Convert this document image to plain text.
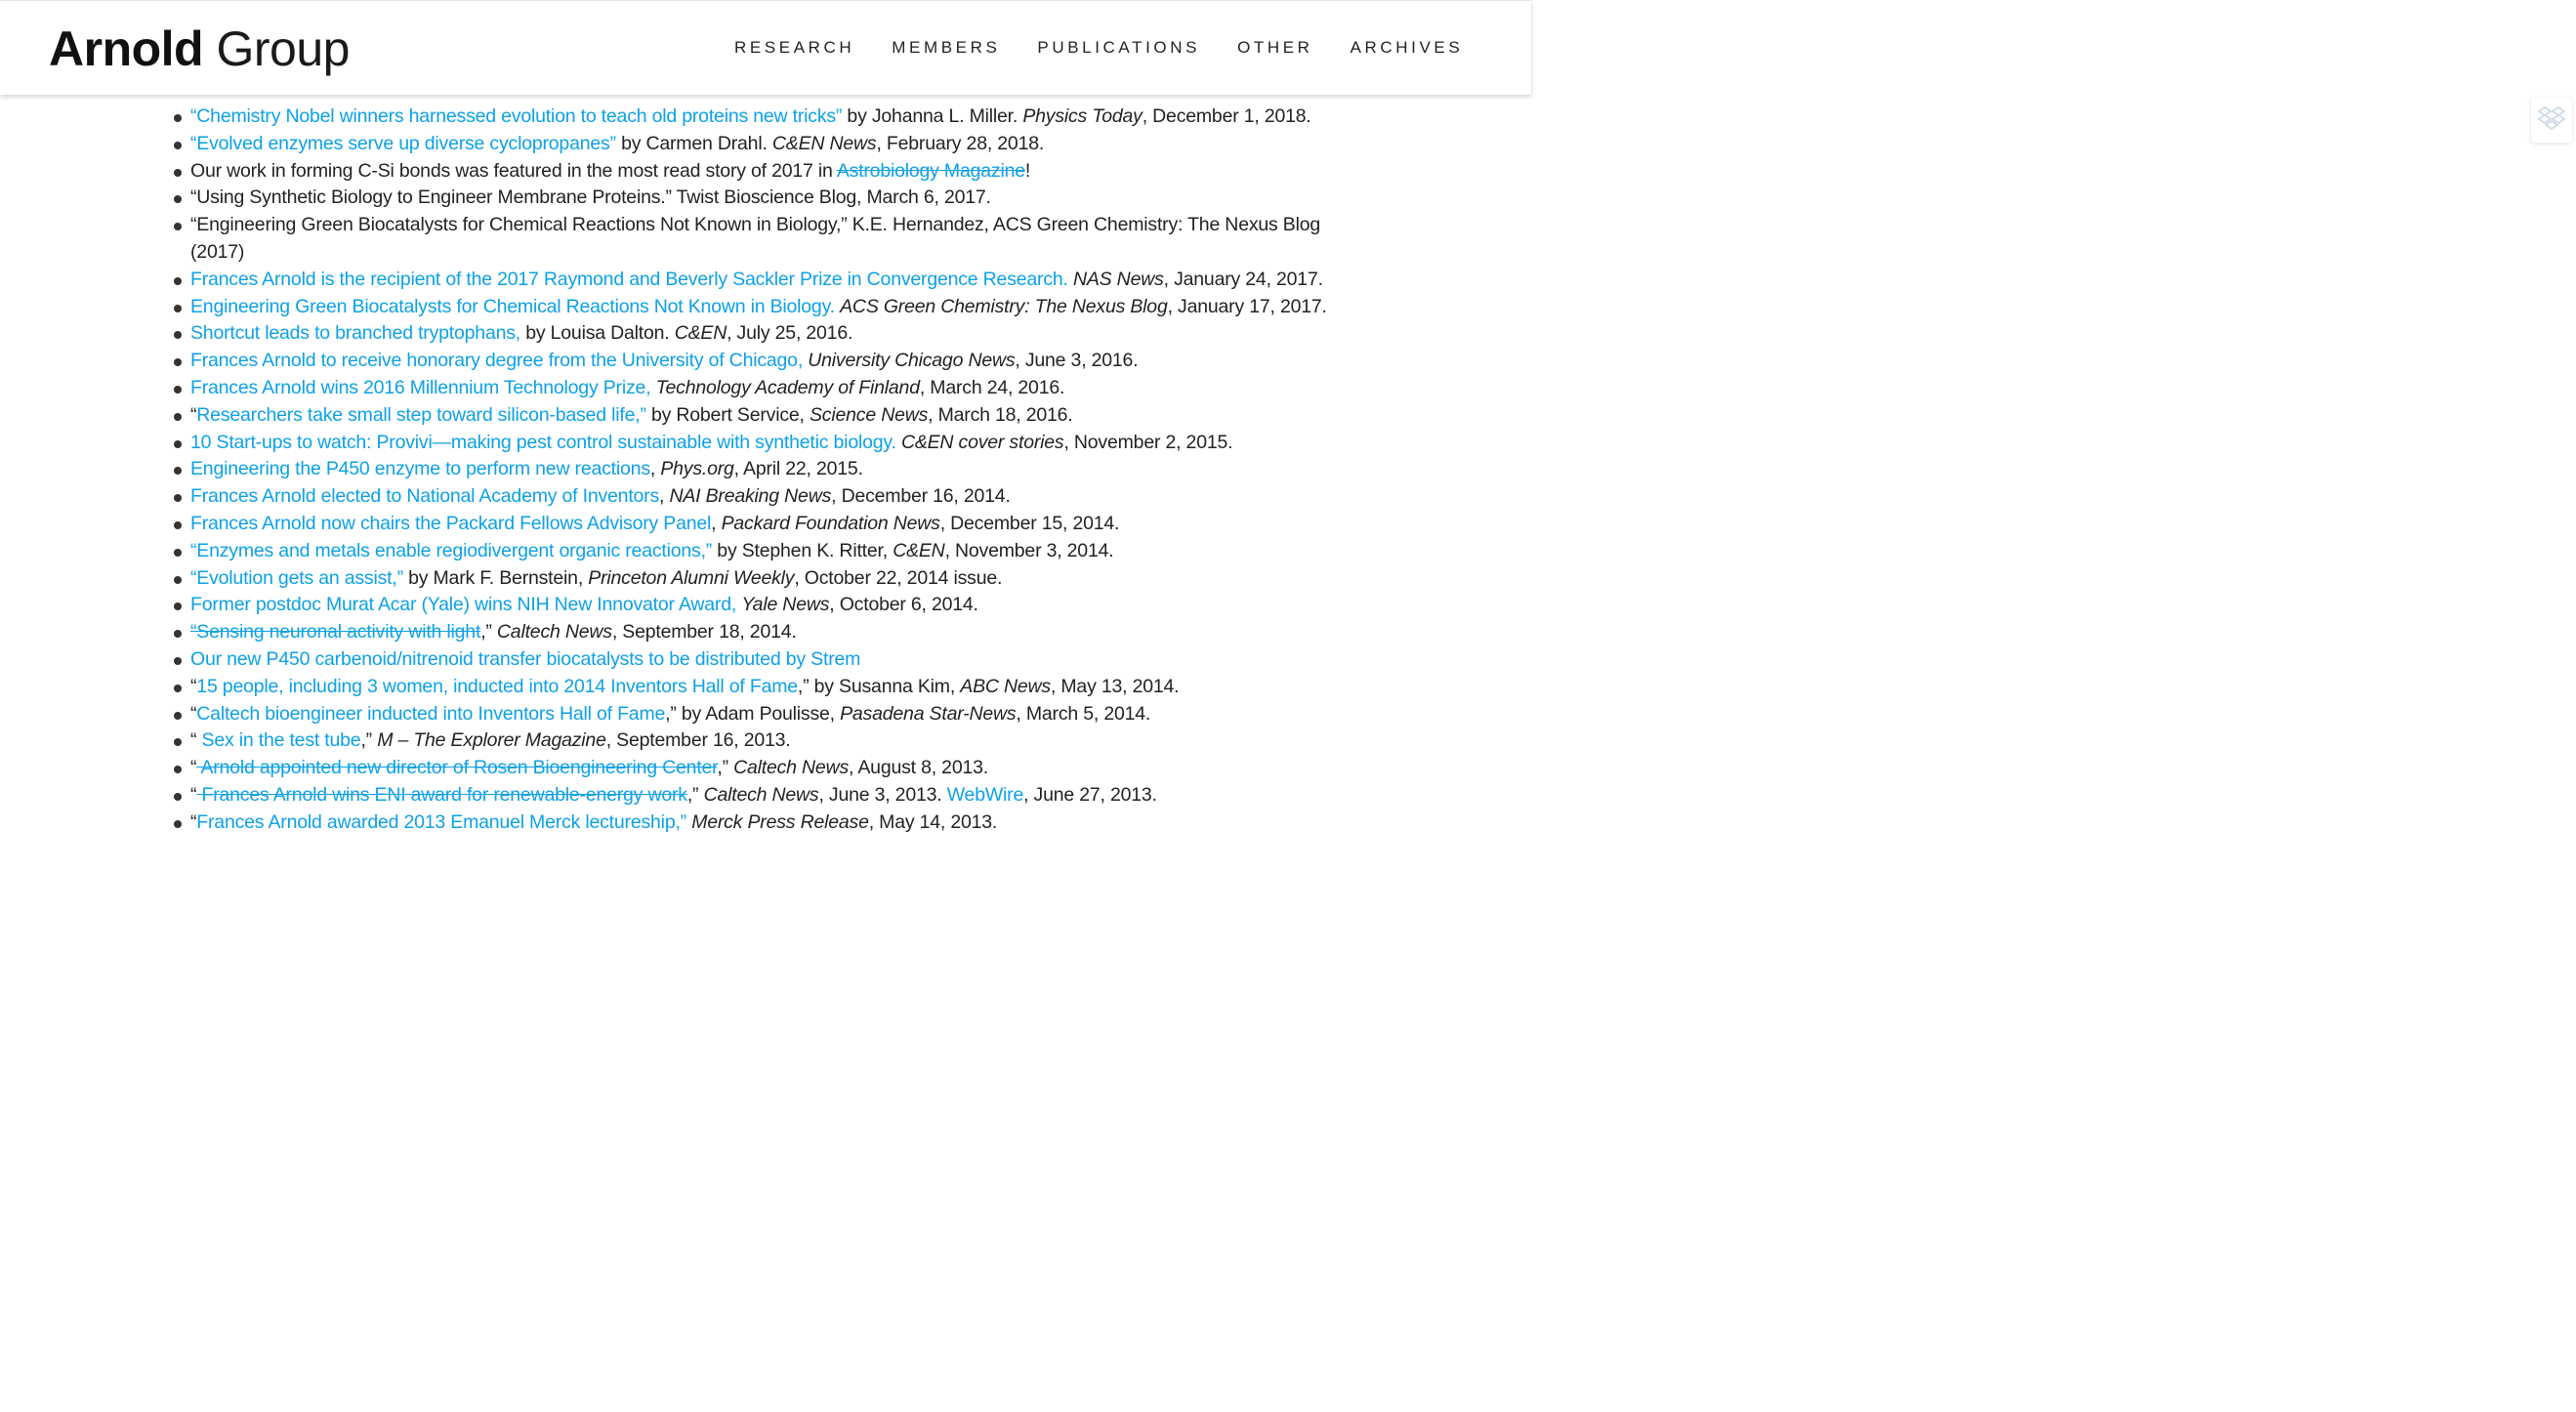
Arnold Group	RESEARCH MEMBERS PUBLICATIONS OTHER ARCHIVES
“Chemistry Nobel winners harnessed evolution to teach old proteins new tricks” by Johanna L. Miller. Physics Today, December 1, 2018.
“Evolved enzymes serve up diverse cyclopropanes” by Carmen Drahl. C&EN News, February 28, 2018.
Our work in forming C-Si bonds was featured in the most read story of 2017 in Astrobiology Magazine!
“Using Synthetic Biology to Engineer Membrane Proteins.” Twist Bioscience Blog, March 6, 2017.
“Engineering Green Biocatalysts for Chemical Reactions Not Known in Biology,” K.E. Hernandez, ACS Green Chemistry: The Nexus Blog (2017)
Frances Arnold is the recipient of the 2017 Raymond and Beverly Sackler Prize in Convergence Research. NAS News, January 24, 2017.
Engineering Green Biocatalysts for Chemical Reactions Not Known in Biology. ACS Green Chemistry: The Nexus Blog, January 17, 2017.
Shortcut leads to branched tryptophans, by Louisa Dalton. C&EN, July 25, 2016.
Frances Arnold to receive honorary degree from the University of Chicago, University Chicago News, June 3, 2016.
Frances Arnold wins 2016 Millennium Technology Prize, Technology Academy of Finland, March 24, 2016.
“Researchers take small step toward silicon-based life,” by Robert Service, Science News, March 18, 2016.
10 Start-ups to watch: Provivi—making pest control sustainable with synthetic biology. C&EN cover stories, November 2, 2015.
Engineering the P450 enzyme to perform new reactions, Phys.org, April 22, 2015.
Frances Arnold elected to National Academy of Inventors, NAI Breaking News, December 16, 2014.
Frances Arnold now chairs the Packard Fellows Advisory Panel, Packard Foundation News, December 15, 2014.
“Enzymes and metals enable regiodivergent organic reactions,” by Stephen K. Ritter, C&EN, November 3, 2014.
“Evolution gets an assist,” by Mark F. Bernstein, Princeton Alumni Weekly, October 22, 2014 issue.
Former postdoc Murat Acar (Yale) wins NIH New Innovator Award, Yale News, October 6, 2014.
“Sensing neuronal activity with light,” Caltech News, September 18, 2014.
Our new P450 carbenoid/nitrenoid transfer biocatalysts to be distributed by Strem
“15 people, including 3 women, inducted into 2014 Inventors Hall of Fame,” by Susanna Kim, ABC News, May 13, 2014.
“Caltech bioengineer inducted into Inventors Hall of Fame,” by Adam Poulisse, Pasadena Star-News, March 5, 2014.
“ Sex in the test tube,” M – The Explorer Magazine, September 16, 2013.
“ Arnold appointed new director of Rosen Bioengineering Center,” Caltech News, August 8, 2013.
“ Frances Arnold wins ENI award for renewable-energy work,” Caltech News, June 3, 2013. WebWire, June 27, 2013.
“Frances Arnold awarded 2013 Emanuel Merck lectureship,” Merck Press Release, May 14, 2013.
